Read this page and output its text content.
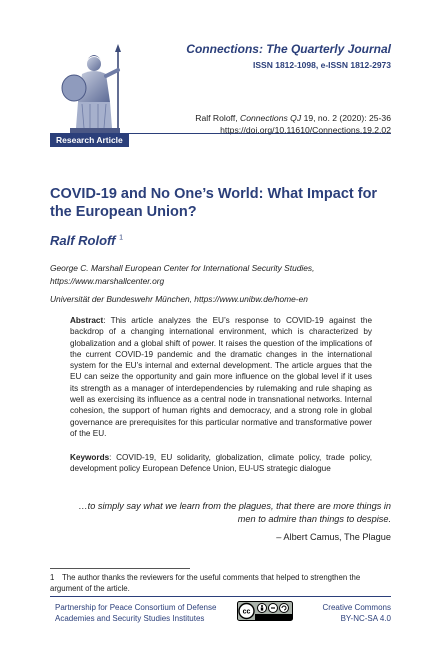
Connections: The Quarterly Journal
ISSN 1812-1098, e-ISSN 1812-2973
Ralf Roloff, Connections QJ 19, no. 2 (2020): 25-36
https://doi.org/10.11610/Connections.19.2.02
Research Article
COVID-19 and No One’s World: What Impact for the European Union?
Ralf Roloff $^1$

George C. Marshall European Center for International Security Studies, https://www.marshallcenter.org

Universität der Bundeswehr München, https://www.unibw.de/home-en

Abstract: This article analyzes the EU’s response to COVID-19 against the backdrop of a changing international environment, which is characterized by globalization and a global shift of power. It raises the question of the implications of the current COVID-19 pandemic and the dramatic changes in the international system for the EU’s internal and external development. The article argues that the EU can seize the opportunity and gain more influence on the global level if it uses its strength as a manager of interdependencies by rulemaking and rule shaping as well as exercising its influence as a central node in transnational networks. Internal cohesion, the support of human rights and democracy, and a strong role in global governance are prerequisites for this particular normative and transformative power of the EU.
Keywords: COVID-19, EU solidarity, globalization, climate policy, trade policy, development policy European Defence Union, EU-US strategic dialogue
…to simply say what we learn from the plagues, that there are more things in men to admire than things to despise.
– Albert Camus, The Plague
1 The author thanks the reviewers for the useful comments that helped to strengthen the argument of the article.
Partnership for Peace Consortium of Defense
Academies and Security Studies Institutes
cc
Creative Commons
BY-NC-SA 4.0
